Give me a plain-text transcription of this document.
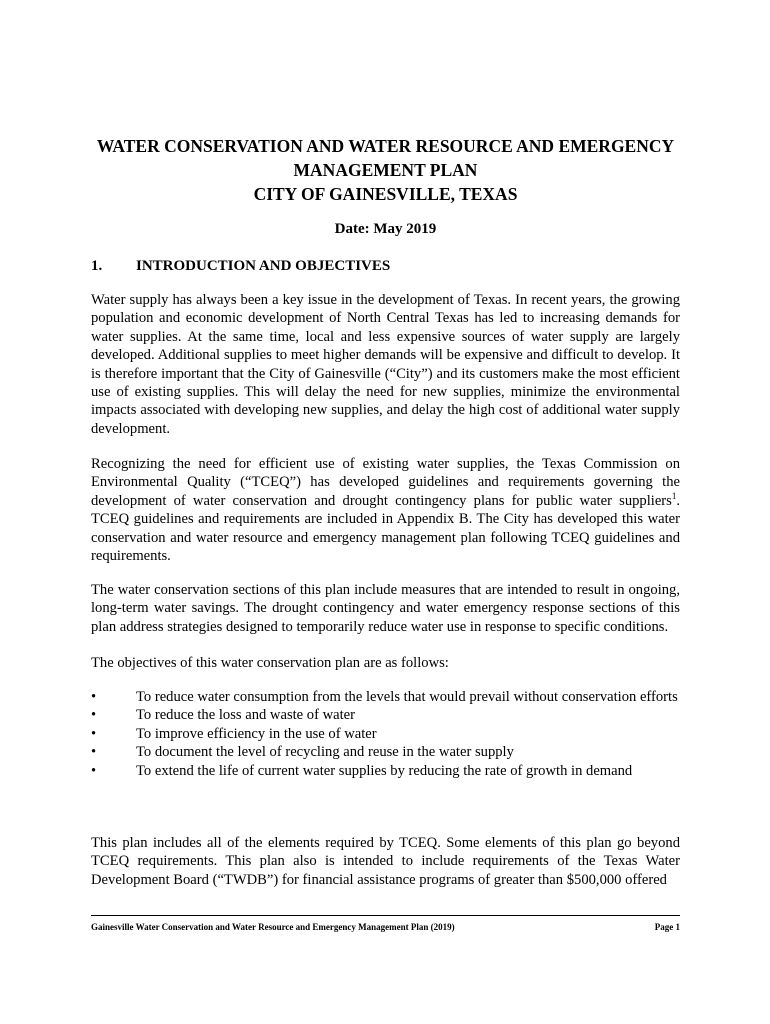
WATER CONSERVATION AND WATER RESOURCE AND EMERGENCY
MANAGEMENT PLAN
CITY OF GAINESVILLE, TEXAS

Date: May 2019

1. INTRODUCTION AND OBJECTIVES

Water supply has always been a key issue in the development of Texas. In recent years, the growing population and economic development of North Central Texas has led to increasing demands for water supplies. At the same time, local and less expensive sources of water supply are largely developed. Additional supplies to meet higher demands will be expensive and difficult to develop. It is therefore important that the City of Gainesville (“City”) and its customers make the most efficient use of existing supplies. This will delay the need for new supplies, minimize the environmental impacts associated with developing new supplies, and delay the high cost of additional water supply development.

Recognizing the need for efficient use of existing water supplies, the Texas Commission on Environmental Quality (“TCEQ”) has developed guidelines and requirements governing the development of water conservation and drought contingency plans for public water suppliers$^1$. TCEQ guidelines and requirements are included in Appendix B. The City has developed this water conservation and water resource and emergency management plan following TCEQ guidelines and requirements.

The water conservation sections of this plan include measures that are intended to result in ongoing, long-term water savings. The drought contingency and water emergency response sections of this plan address strategies designed to temporarily reduce water use in response to specific conditions.

The objectives of this water conservation plan are as follows:

•	To reduce water consumption from the levels that would prevail without conservation efforts
•	To reduce the loss and waste of water
•	To improve efficiency in the use of water
•	To document the level of recycling and reuse in the water supply
•	To extend the life of current water supplies by reducing the rate of growth in demand

This plan includes all of the elements required by TCEQ. Some elements of this plan go beyond TCEQ requirements. This plan also is intended to include requirements of the Texas Water Development Board (“TWDB”) for financial assistance programs of greater than $500,000 offered

Gainesville Water Conservation and Water Resource and Emergency Management Plan (2019)	Page 1
